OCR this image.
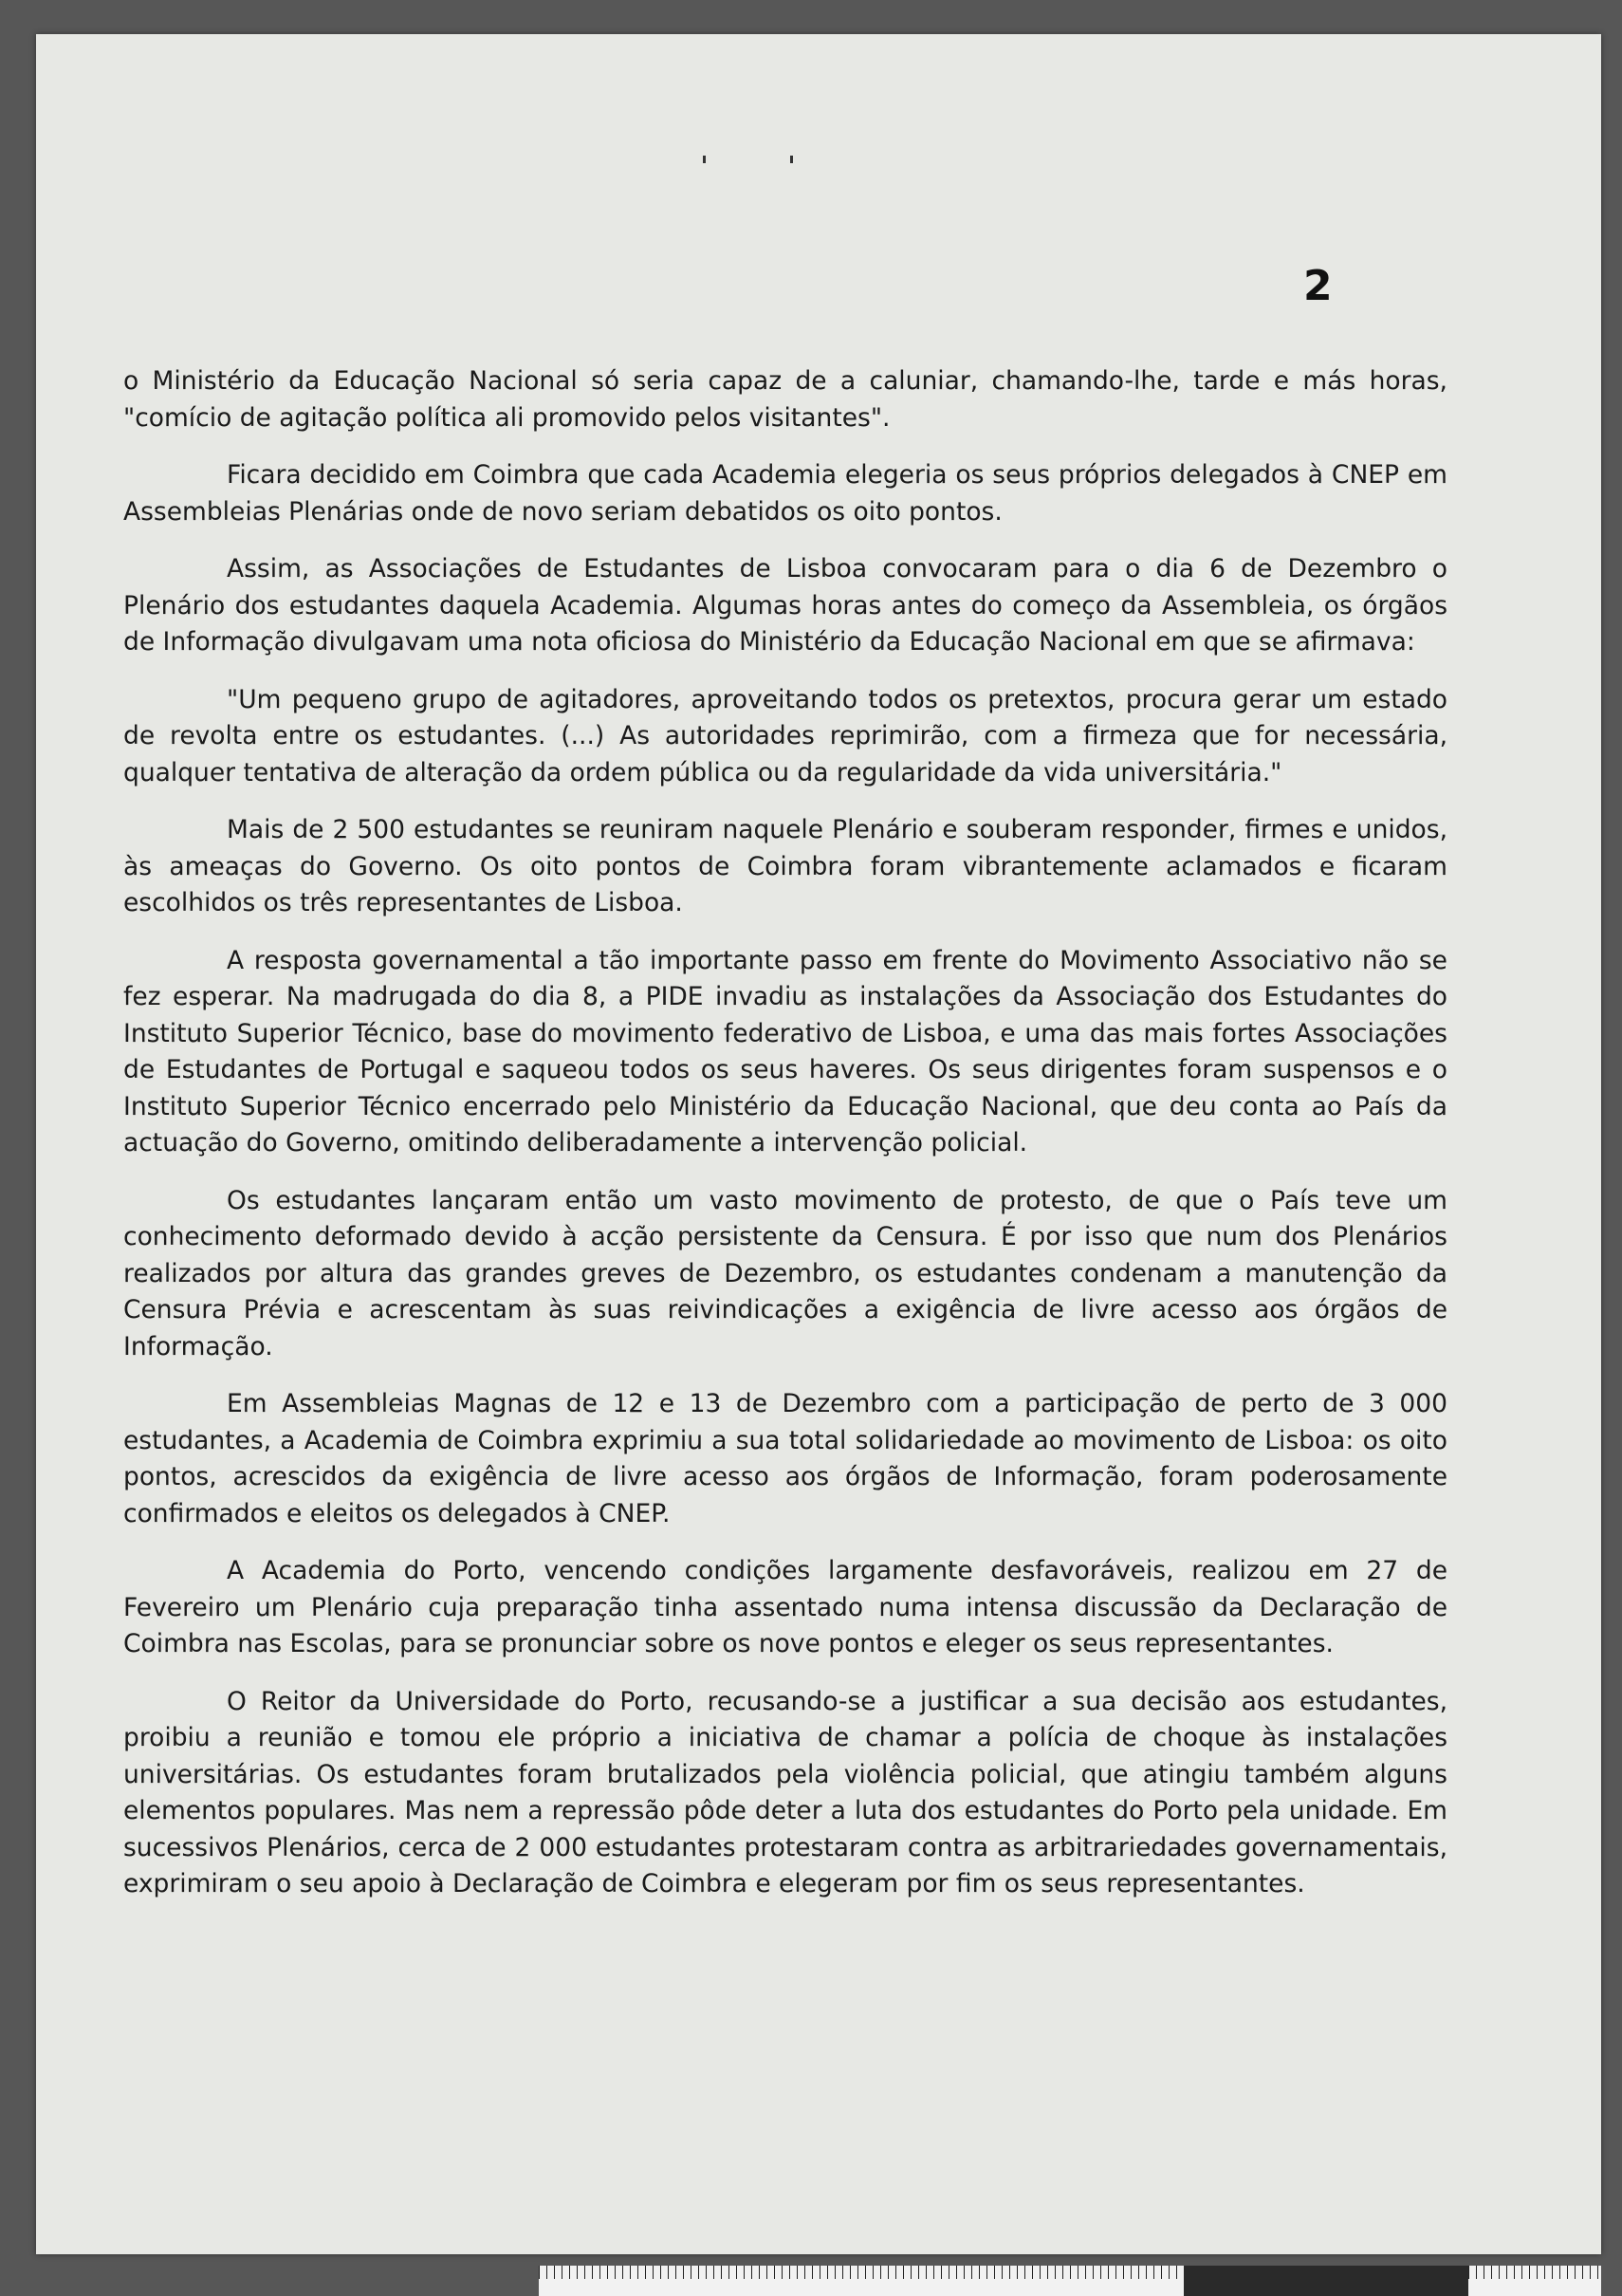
2

o Ministério da Educação Nacional só seria capaz de a caluniar, chamando-lhe, tarde e más horas, "comício de agitação política ali promovido pelos visitantes".

Ficara decidido em Coimbra que cada Academia elegeria os seus próprios delegados à CNEP em Assembleias Plenárias onde de novo seriam debatidos os oito pontos.

Assim, as Associações de Estudantes de Lisboa convocaram para o dia 6 de Dezembro o Plenário dos estudantes daquela Academia. Algumas horas antes do começo da Assembleia, os órgãos de Informação divulgavam uma nota oficiosa do Ministério da Educação Nacional em que se afirmava:

"Um pequeno grupo de agitadores, aproveitando todos os pretextos, procura gerar um estado de revolta entre os estudantes. (...) As autoridades reprimirão, com a firmeza que for necessária, qualquer tentativa de alteração da ordem pública ou da regularidade da vida universitária."

Mais de 2 500 estudantes se reuniram naquele Plenário e souberam responder, firmes e unidos, às ameaças do Governo. Os oito pontos de Coimbra foram vibrantemente aclamados e ficaram escolhidos os três representantes de Lisboa.

A resposta governamental a tão importante passo em frente do Movimento Associativo não se fez esperar. Na madrugada do dia 8, a PIDE invadiu as instalações da Associação dos Estudantes do Instituto Superior Técnico, base do movimento federativo de Lisboa, e uma das mais fortes Associações de Estudantes de Portugal e saqueou todos os seus haveres. Os seus dirigentes foram suspensos e o Instituto Superior Técnico encerrado pelo Ministério da Educação Nacional, que deu conta ao País da actuação do Governo, omitindo deliberadamente a intervenção policial.

Os estudantes lançaram então um vasto movimento de protesto, de que o País teve um conhecimento deformado devido à acção persistente da Censura. É por isso que num dos Plenários realizados por altura das grandes greves de Dezembro, os estudantes condenam a manutenção da Censura Prévia e acrescentam às suas reivindicações a exigência de livre acesso aos órgãos de Informação.

Em Assembleias Magnas de 12 e 13 de Dezembro com a participação de perto de 3 000 estudantes, a Academia de Coimbra exprimiu a sua total solidariedade ao movimento de Lisboa: os oito pontos, acrescidos da exigência de livre acesso aos órgãos de Informação, foram poderosamente confirmados e eleitos os delegados à CNEP.

A Academia do Porto, vencendo condições largamente desfavoráveis, realizou em 27 de Fevereiro um Plenário cuja preparação tinha assentado numa intensa discussão da Declaração de Coimbra nas Escolas, para se pronunciar sobre os nove pontos e eleger os seus representantes.

O Reitor da Universidade do Porto, recusando-se a justificar a sua decisão aos estudantes, proibiu a reunião e tomou ele próprio a iniciativa de chamar a polícia de choque às instalações universitárias. Os estudantes foram brutalizados pela violência policial, que atingiu também alguns elementos populares. Mas nem a repressão pôde deter a luta dos estudantes do Porto pela unidade. Em sucessivos Plenários, cerca de 2 000 estudantes protestaram contra as arbitrariedades governamentais, exprimiram o seu apoio à Declaração de Coimbra e elegeram por fim os seus representantes.
